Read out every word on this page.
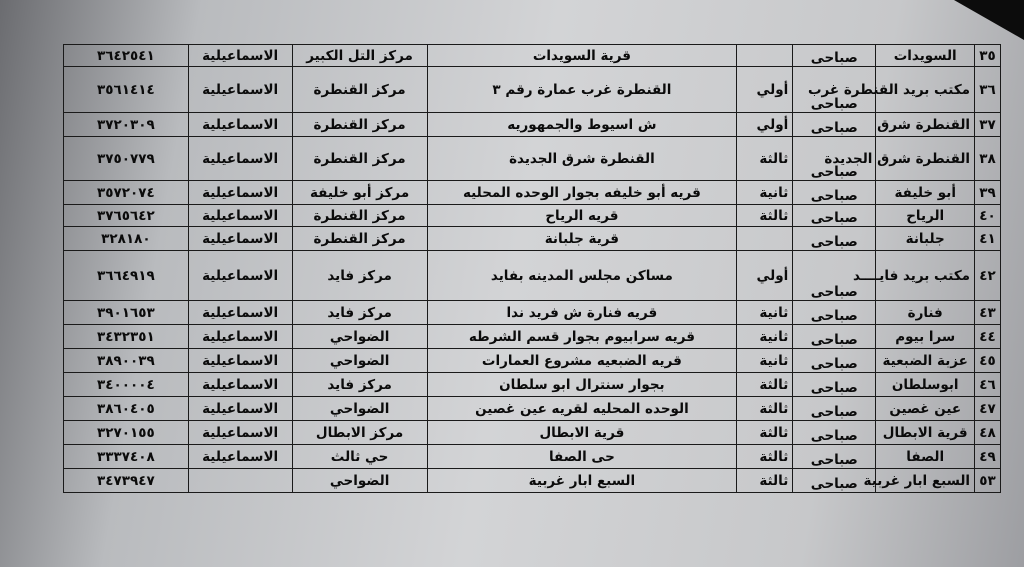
٣٥	السويدات	صباحى		قرية السويدات	مركز التل الكبير	الاسماعيلية	٣٦٤٢٥٤١
٣٦	مكتب بريد القنطرة غرب	صباحى	أولي	القنطرة غرب عمارة رقم ٣	مركز القنطرة	الاسماعيلية	٣٥٦١٤١٤
٣٧	القنطرة شرق	صباحى	أولي	ش اسيوط والجمهوريه	مركز القنطرة	الاسماعيلية	٣٧٢٠٣٠٩
٣٨	القنطرة شرق الجديدة	صباحى	ثالثة	القنطرة شرق الجديدة	مركز القنطرة	الاسماعيلية	٣٧٥٠٧٧٩
٣٩	أبو خليفة	صباحى	ثانية	قريه أبو خليفه بجوار الوحده المحليه	مركز أبو خليفة	الاسماعيلية	٣٥٧٢٠٧٤
٤٠	الرياح	صباحى	ثالثة	قريه الرياح	مركز القنطرة	الاسماعيلية	٣٧٦٥٦٤٢
٤١	جلبانة	صباحى		قرية جلبانة	مركز القنطرة	الاسماعيلية	٣٢٨١٨٠
٤٢	مكتب بريد فايــــد	صباحى	أولي	مساكن مجلس المدينه بفايد	مركز فايد	الاسماعيلية	٣٦٦٤٩١٩
٤٣	فنارة	صباحى	ثانية	قريه فنارة ش فريد ندا	مركز فايد	الاسماعيلية	٣٩٠١٦٥٣
٤٤	سرا بيوم	صباحى	ثانية	قريه سرابيوم بجوار قسم الشرطه	الضواحي	الاسماعيلية	٣٤٣٢٣٥١
٤٥	عزبة الضبعية	صباحى	ثانية	قريه الضبعيه مشروع العمارات	الضواحي	الاسماعيلية	٣٨٩٠٠٣٩
٤٦	ابوسلطان	صباحى	ثالثة	بجوار سنترال ابو سلطان	مركز فايد	الاسماعيلية	٣٤٠٠٠٠٤
٤٧	عين غصين	صباحى	ثالثة	الوحده المحليه لقريه عين غصين	الضواحي	الاسماعيلية	٣٨٦٠٤٠٥
٤٨	قرية الابطال	صباحى	ثالثة	قرية الابطال	مركز الابطال	الاسماعيلية	٣٢٧٠١٥٥
٤٩	الصفا	صباحى	ثالثة	حى الصفا	حي ثالث	الاسماعيلية	٣٣٣٧٤٠٨
٥٣	السبع ابار غربية	صباحى	ثالثة	السبع ابار غربية	الضواحي		٣٤٧٣٩٤٧
